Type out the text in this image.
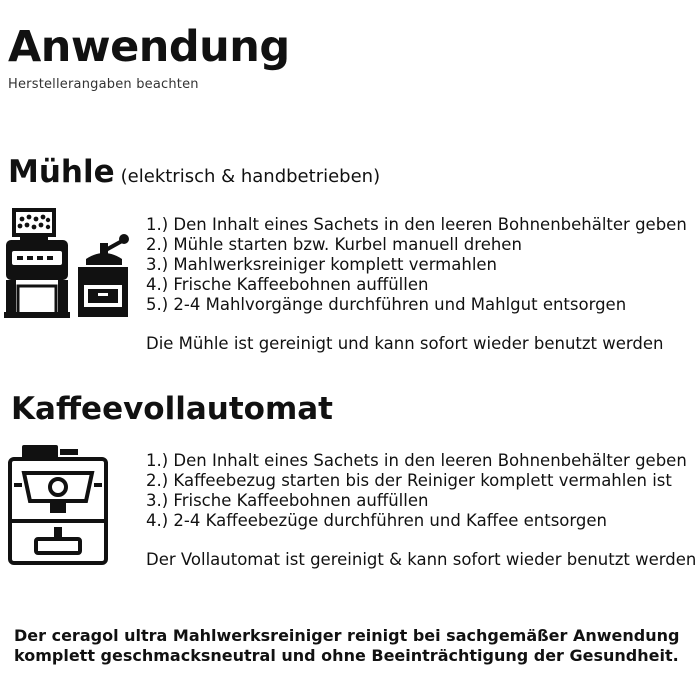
Anwendung
Herstellerangaben beachten
Mühle (elektrisch & handbetrieben)
1.) Den Inhalt eines Sachets in den leeren Bohnenbehälter geben
2.) Mühle starten bzw. Kurbel manuell drehen
3.) Mahlwerksreiniger komplett vermahlen
4.) Frische Kaffeebohnen auffüllen
5.) 2-4 Mahlvorgänge durchführen und Mahlgut entsorgen
Die Mühle ist gereinigt und kann sofort wieder benutzt werden
Kaffeevollautomat
1.) Den Inhalt eines Sachets in den leeren Bohnenbehälter geben
2.) Kaffeebezug starten bis der Reiniger komplett vermahlen ist
3.) Frische Kaffeebohnen auffüllen
4.) 2-4 Kaffeebezüge durchführen und Kaffee entsorgen
Der Vollautomat ist gereinigt & kann sofort wieder benutzt werden
Der ceragol ultra Mahlwerksreiniger reinigt bei sachgemäßer Anwendung
komplett geschmacksneutral und ohne Beeinträchtigung der Gesundheit.
